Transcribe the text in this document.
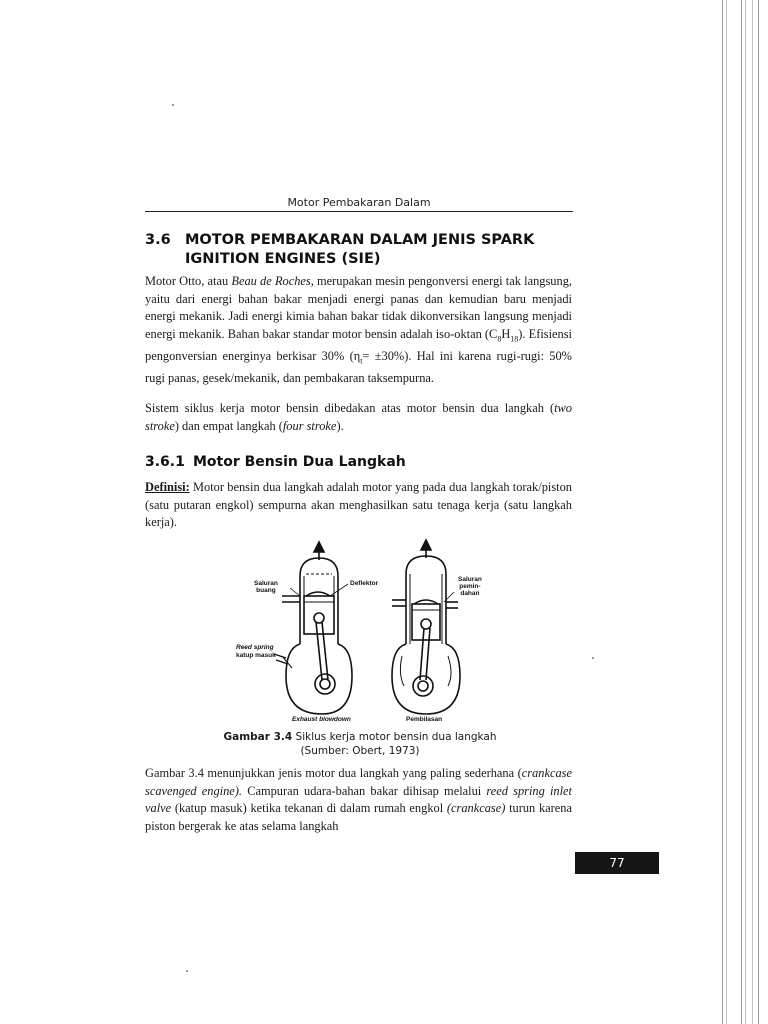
Motor Pembakaran Dalam
3.6 MOTOR PEMBAKARAN DALAM JENIS SPARK
IGNITION ENGINES (SIE)
Motor Otto, atau Beau de Roches, merupakan mesin pengonversi energi tak langsung, yaitu dari energi bahan bakar menjadi energi panas dan kemudian baru menjadi energi mekanik. Jadi energi kimia bahan bakar tidak dikonversikan langsung menjadi energi mekanik. Bahan bakar standar motor bensin adalah iso-oktan $(C_8H_{18})$. Efisiensi pengonversian energinya berkisar 30% $(\eta_t= \pm 30\%)$. Hal ini karena rugi-rugi: 50% rugi panas, gesek/mekanik, dan pembakaran taksempurna.
Sistem siklus kerja motor bensin dibedakan atas motor bensin dua langkah (two stroke) dan empat langkah (four stroke).
3.6.1 Motor Bensin Dua Langkah
Definisi: Motor bensin dua langkah adalah motor yang pada dua langkah torak/piston (satu putaran engkol) sempurna akan menghasilkan satu tenaga kerja (satu langkah kerja).
Saluran
buang
Deflektor
Reed spring
katup masuk
Saluran
pemin-
dahan
Exhaust blowdown	Pembilasan
Gambar 3.4 Siklus kerja motor bensin dua langkah
(Sumber: Obert, 1973)
Gambar 3.4 menunjukkan jenis motor dua langkah yang paling sederhana (crankcase scavenged engine). Campuran udara-bahan bakar dihisap melalui reed spring inlet valve (katup masuk) ketika tekanan di dalam rumah engkol (crankcase) turun karena piston bergerak ke atas selama langkah
77
